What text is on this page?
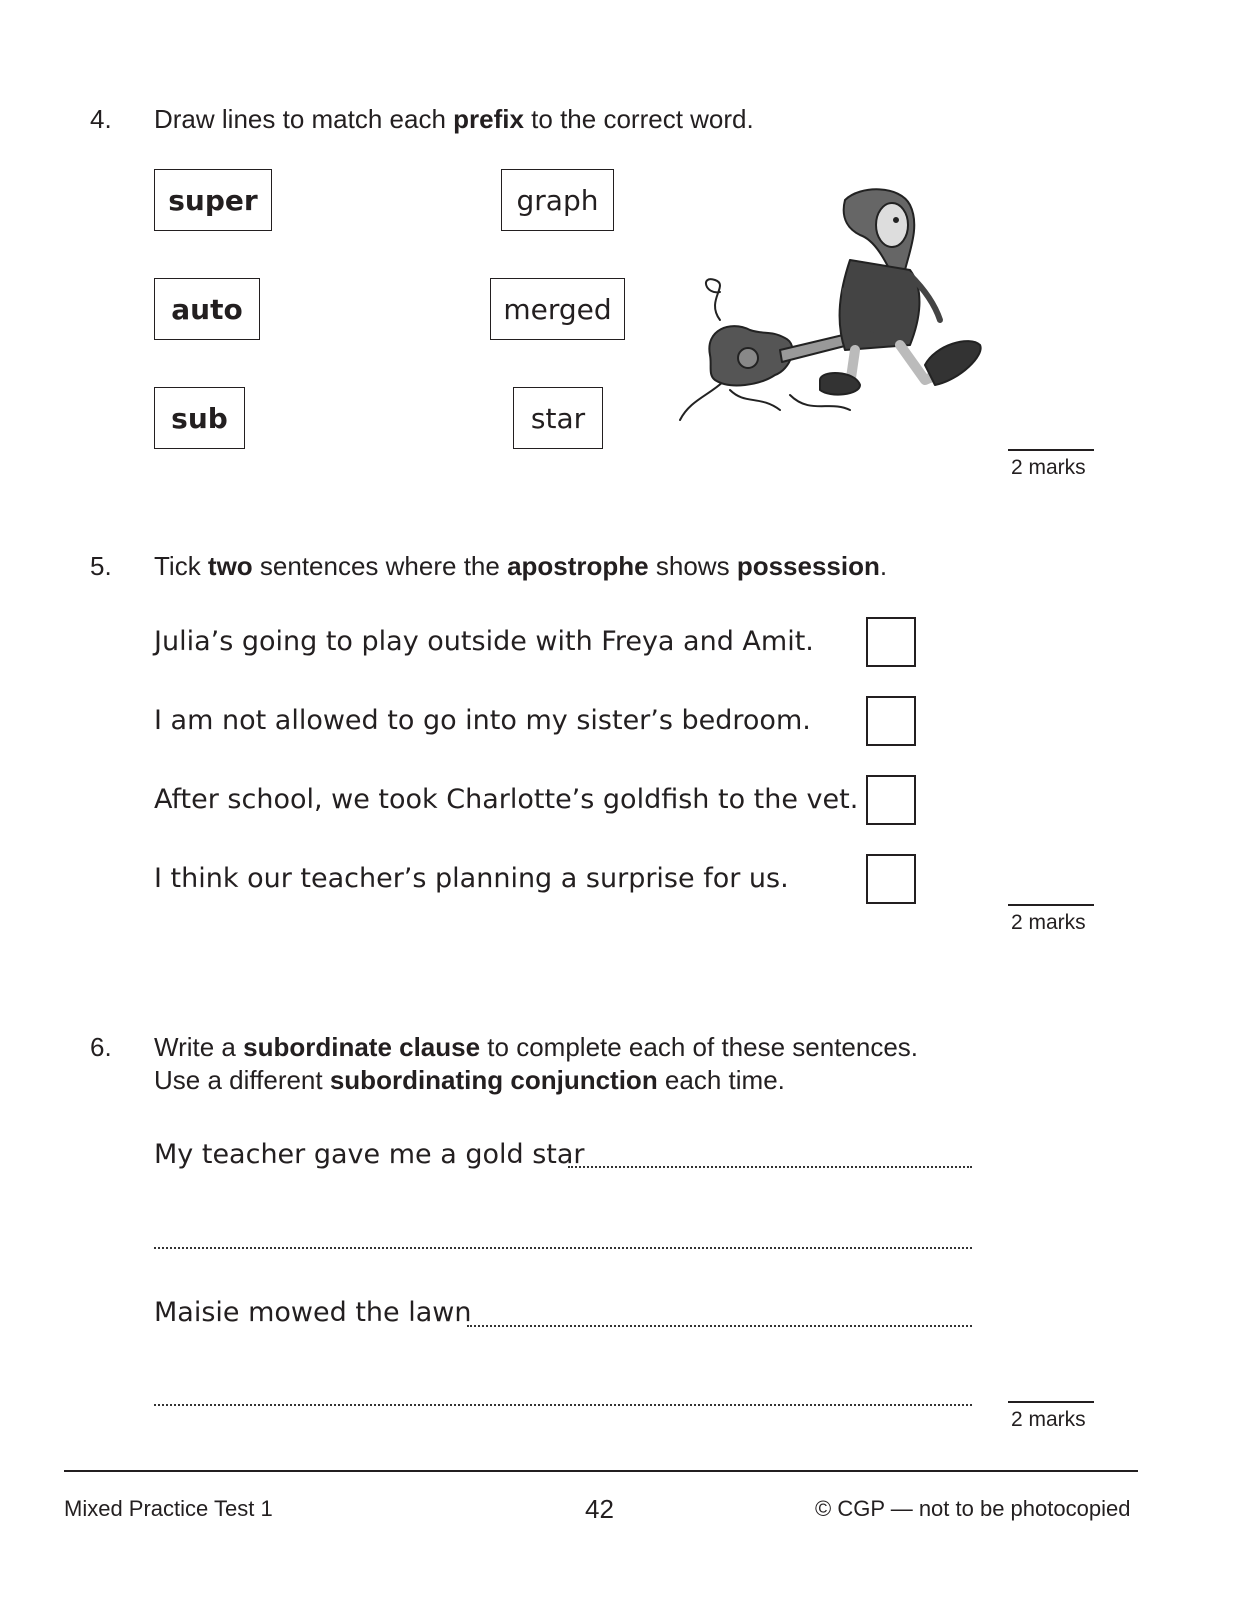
4. Draw lines to match each prefix to the correct word.
super
auto
sub
graph
merged
star
2 marks
5. Tick two sentences where the apostrophe shows possession.
Julia’s going to play outside with Freya and Amit.
I am not allowed to go into my sister’s bedroom.
After school, we took Charlotte’s goldfish to the vet.
I think our teacher’s planning a surprise for us.
2 marks
6. Write a subordinate clause to complete each of these sentences.
Use a different subordinating conjunction each time.
My teacher gave me a gold star
Maisie mowed the lawn
2 marks
Mixed Practice Test 1	42	© CGP — not to be photocopied
